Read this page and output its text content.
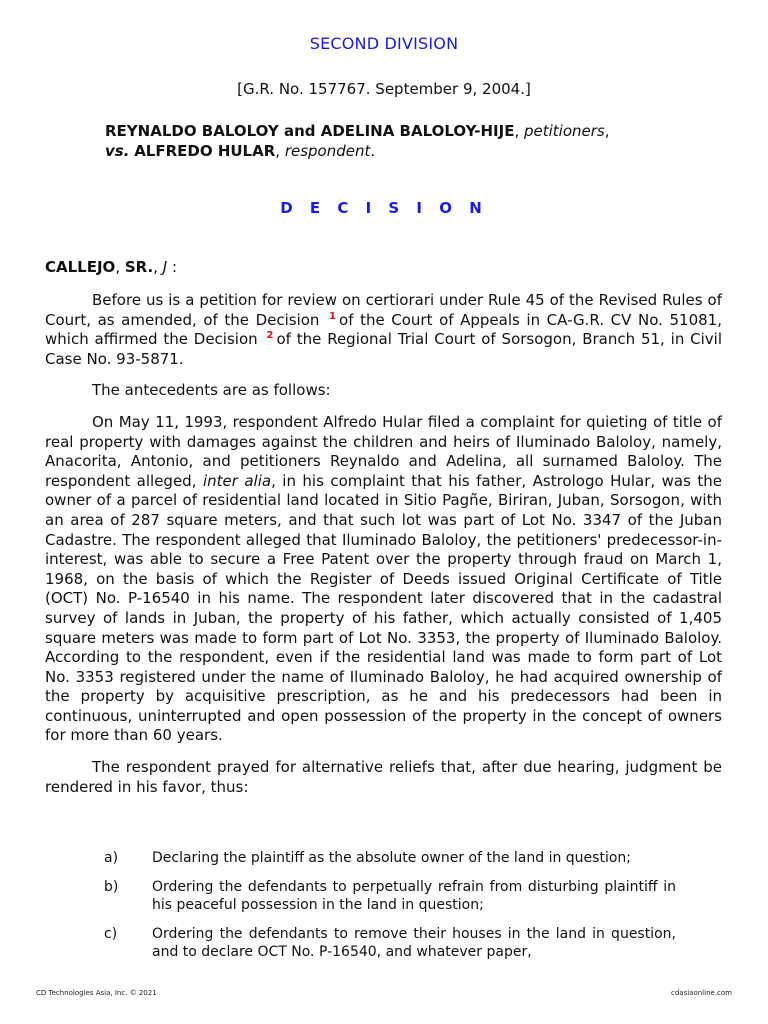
SECOND DIVISION
[G.R. No. 157767. September 9, 2004.]
REYNALDO BALOLOY and ADELINA BALOLOY-HIJE, petitioners,
vs. ALFREDO HULAR, respondent.
D E C I S I O N
CALLEJO, SR., J :

Before us is a petition for review on certiorari under Rule 45 of the Revised Rules of Court, as amended, of the Decision $^1$ of the Court of Appeals in CA-G.R. CV No. 51081, which affirmed the Decision $^2$ of the Regional Trial Court of Sorsogon, Branch 51, in Civil Case No. 93-5871.

The antecedents are as follows:

On May 11, 1993, respondent Alfredo Hular filed a complaint for quieting of title of real property with damages against the children and heirs of Iluminado Baloloy, namely, Anacorita, Antonio, and petitioners Reynaldo and Adelina, all surnamed Baloloy. The respondent alleged, inter alia, in his complaint that his father, Astrologo Hular, was the owner of a parcel of residential land located in Sitio Pagñe, Biriran, Juban, Sorsogon, with an area of 287 square meters, and that such lot was part of Lot No. 3347 of the Juban Cadastre. The respondent alleged that Iluminado Baloloy, the petitioners' predecessor-in-interest, was able to secure a Free Patent over the property through fraud on March 1, 1968, on the basis of which the Register of Deeds issued Original Certificate of Title (OCT) No. P-16540 in his name. The respondent later discovered that in the cadastral survey of lands in Juban, the property of his father, which actually consisted of 1,405 square meters was made to form part of Lot No. 3353, the property of Iluminado Baloloy. According to the respondent, even if the residential land was made to form part of Lot No. 3353 registered under the name of Iluminado Baloloy, he had acquired ownership of the property by acquisitive prescription, as he and his predecessors had been in continuous, uninterrupted and open possession of the property in the concept of owners for more than 60 years.

The respondent prayed for alternative reliefs that, after due hearing, judgment be rendered in his favor, thus:

a)	Declaring the plaintiff as the absolute owner of the land in question;
b)	Ordering the defendants to perpetually refrain from disturbing plaintiff in his peaceful possession in the land in question;
c)	Ordering the defendants to remove their houses in the land in question, and to declare OCT No. P-16540, and whatever paper,
CD Technologies Asia, Inc. © 2021	cdasiaonline.com
